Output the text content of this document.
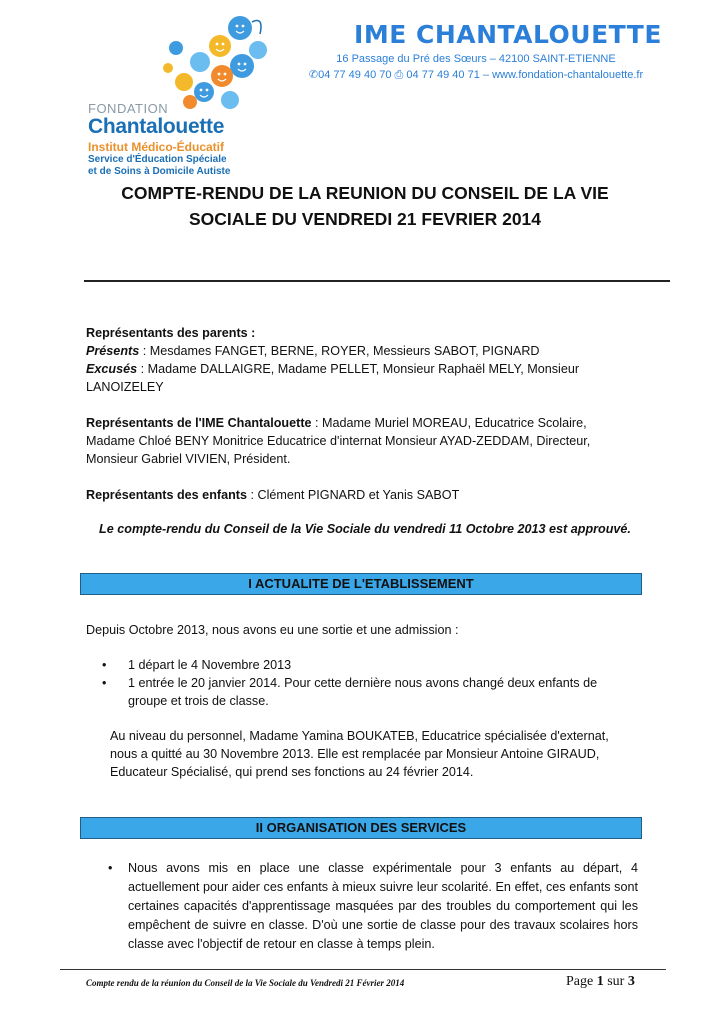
FONDATION
Chantalouette
Institut Médico-Éducatif
Service d'Éducation Spéciale
et de Soins à Domicile Autiste
IME CHANTALOUETTE
16 Passage du Pré des Sœurs – 42100 SAINT-ETIENNE
✆04 77 49 40 70 ⎙ 04 77 49 40 71 – www.fondation-chantalouette.fr
COMPTE-RENDU DE LA REUNION DU CONSEIL DE LA VIE
SOCIALE DU VENDREDI 21 FEVRIER 2014
Représentants des parents :
Présents : Mesdames FANGET, BERNE, ROYER, Messieurs SABOT, PIGNARD
Excusés : Madame DALLAIGRE, Madame PELLET, Monsieur Raphaël MELY, Monsieur
LANOIZELEY
Représentants de l'IME Chantalouette : Madame Muriel MOREAU, Educatrice Scolaire,
Madame Chloé BENY Monitrice Educatrice d'internat Monsieur AYAD-ZEDDAM, Directeur,
Monsieur Gabriel VIVIEN, Président.
Représentants des enfants : Clément PIGNARD et Yanis SABOT
Le compte-rendu du Conseil de la Vie Sociale du vendredi 11 Octobre 2013 est approuvé.
I ACTUALITE DE L'ETABLISSEMENT
Depuis Octobre 2013, nous avons eu une sortie et une admission :
• 1 départ le 4 Novembre 2013
• 1 entrée le 20 janvier 2014. Pour cette dernière nous avons changé deux enfants de
groupe et trois de classe.
Au niveau du personnel, Madame Yamina BOUKATEB, Educatrice spécialisée d'externat,
nous a quitté au 30 Novembre 2013. Elle est remplacée par Monsieur Antoine GIRAUD,
Educateur Spécialisé, qui prend ses fonctions au 24 février 2014.
II ORGANISATION DES SERVICES
• Nous avons mis en place une classe expérimentale pour 3 enfants au départ, 4 actuellement pour aider ces enfants à mieux suivre leur scolarité. En effet, ces enfants sont certaines capacités d'apprentissage masquées par des troubles du comportement qui les empêchent de suivre en classe. D'où une sortie de classe pour des travaux scolaires hors classe avec l'objectif de retour en classe à temps plein.
Compte rendu de la réunion du Conseil de la Vie Sociale du Vendredi 21 Février 2014	Page 1 sur 3
